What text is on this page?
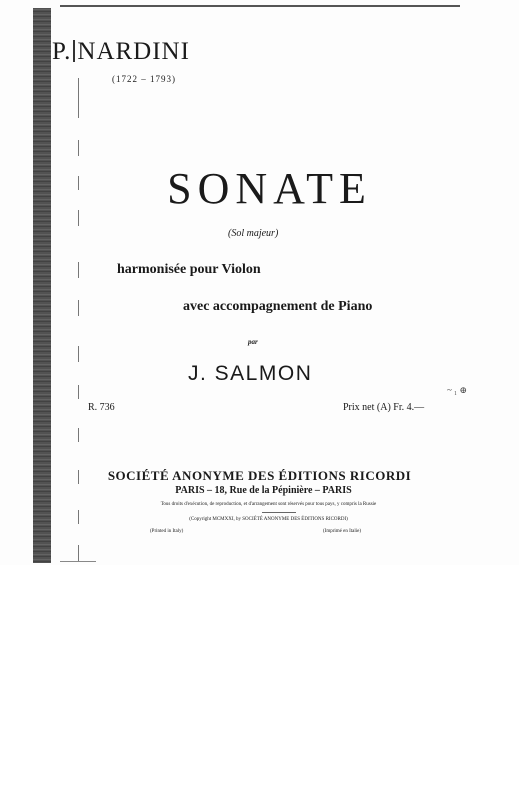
P. NARDINI
(1722 – 1793)
SONATE
(Sol majeur)
harmonisée pour Violon
avec accompagnement de Piano
par
J. SALMON
~ ₁ ⊕
R. 736	Prix net (A) Fr. 4.—
SOCIÉTÉ ANONYME DES ÉDITIONS RICORDI
PARIS – 18, Rue de la Pépinière – PARIS
Tous droits d'exécution, de reproduction, et d'arrangement sont réservés pour tous pays, y compris la Russie
(Copyright MCMXXI, by SOCIÉTÉ ANONYME DES ÉDITIONS RICORDI)
(Printed in Italy)	(Imprimé en Italie)
